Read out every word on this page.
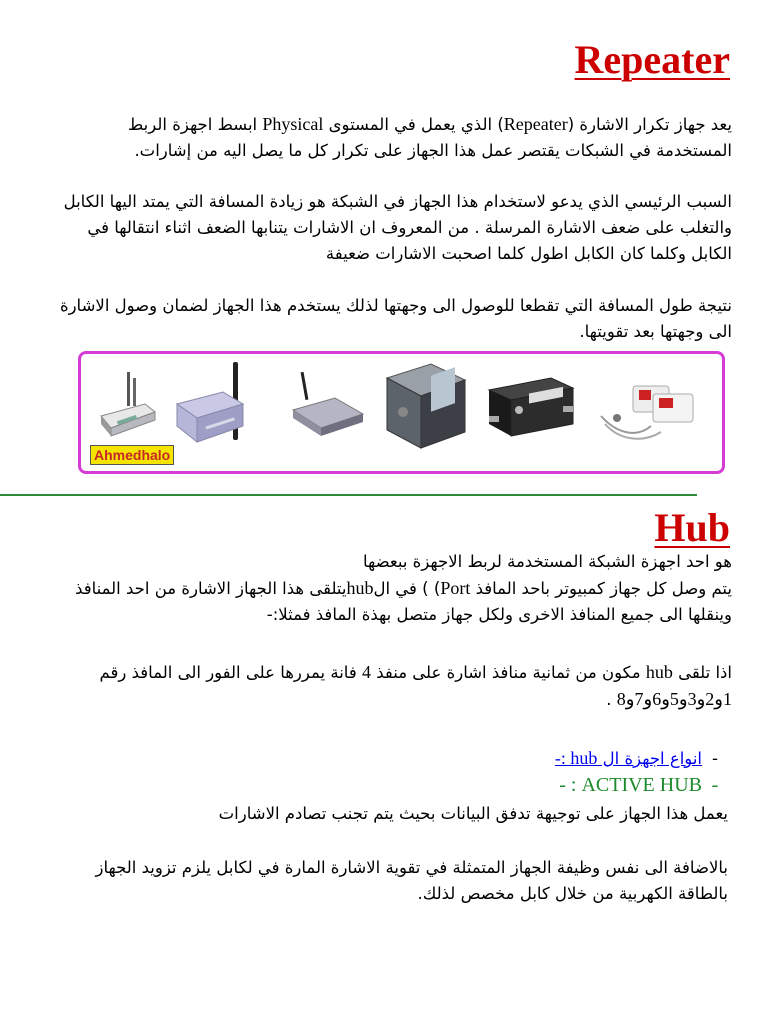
Repeater

يعد جهاز تكرار الاشارة (Repeater) الذي يعمل في المستوى Physical ابسط اجهزة الربط المستخدمة في الشبكات يقتصر عمل هذا الجهاز على تكرار كل ما يصل اليه من إشارات.

السبب الرئيسي الذي يدعو لاستخدام هذا الجهاز في الشبكة هو زيادة المسافة التي يمتد اليها الكابل والتغلب على ضعف الاشارة المرسلة . من المعروف ان الاشارات يتنابها الضعف اثناء انتقالها في الكابل وكلما كان الكابل اطول كلما اصحبت الاشارات ضعيفة

نتيجة طول المسافة التي تقطعا للوصول الى وجهتها لذلك يستخدم هذا الجهاز لضمان وصول الاشارة الى وجهتها بعد تقويتها.

Ahmedhalo
Hub

هو احد اجهزة الشبكة المستخدمة لربط الاجهزة ببعضها
يتم وصل كل جهاز كمبيوتر باحد المافذ Port) ) في الhubيتلقى هذا الجهاز الاشارة من احد المنافذ وينقلها الى جميع المنافذ الاخرى ولكل جهاز متصل بهذة المافذ فمثلا:-

اذا تلقى hub مكون من ثمانية منافذ اشارة على منفذ 4 فانة يمررها على الفور الى المافذ رقم 1و2و3و5و6و7و8 .

-انواع اجهزة ال hub :-
-ACTIVE HUB : -

يعمل هذا الجهاز على توجيهة تدفق البيانات بحيث يتم تجنب تصادم الاشارات

بالاضافة الى نفس وظيفة الجهاز المتمثلة في تقوية الاشارة المارة في لكابل يلزم تزويد الجهاز بالطاقة الكهربية من خلال كابل مخصص لذلك.
